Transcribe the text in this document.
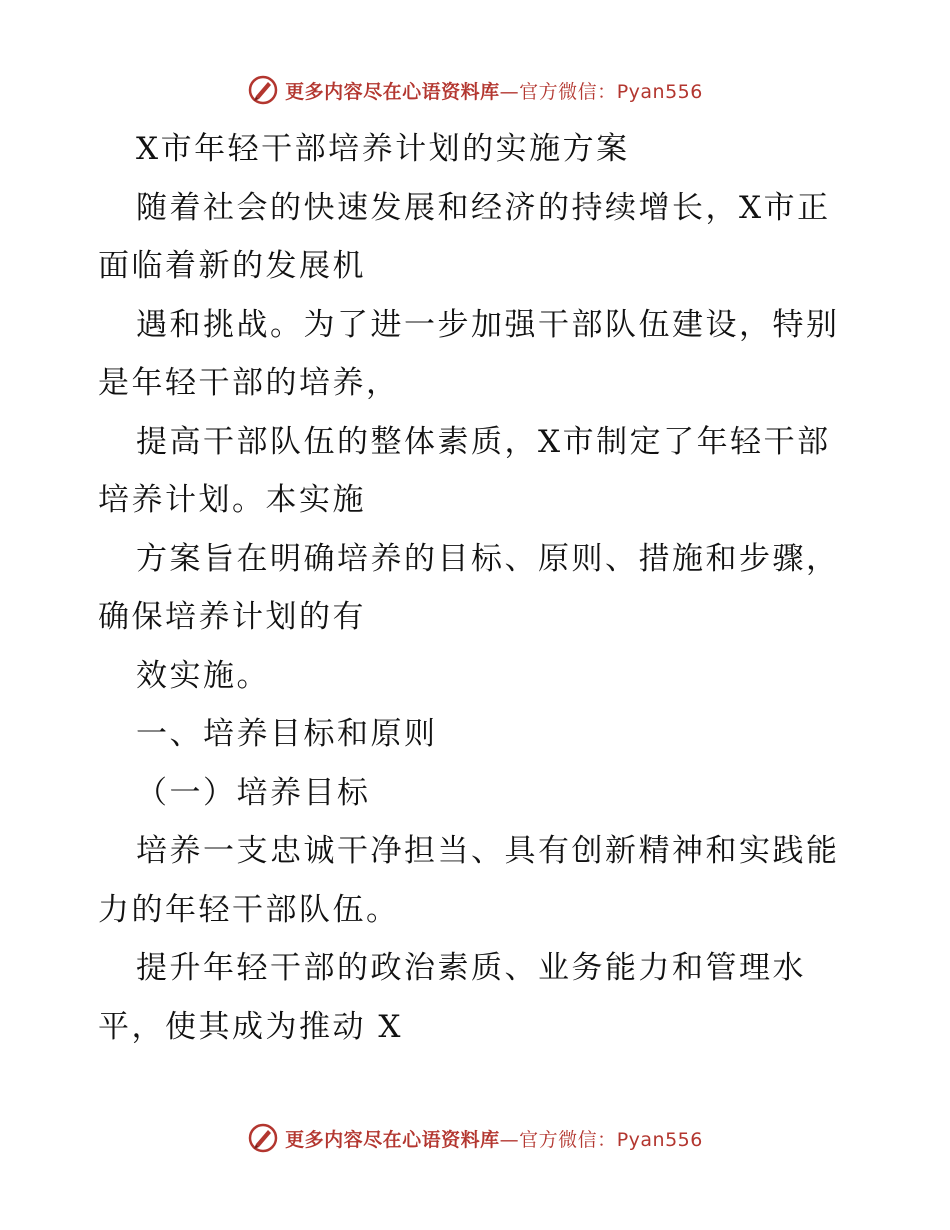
更多内容尽在心语资料库—官方微信：Pyan556
X市年轻干部培养计划的实施方案
随着社会的快速发展和经济的持续增长，X市正
面临着新的发展机
遇和挑战。为了进一步加强干部队伍建设，特别
是年轻干部的培养，
提高干部队伍的整体素质，X市制定了年轻干部
培养计划。本实施
方案旨在明确培养的目标、原则、措施和步骤，
确保培养计划的有
效实施。
一、培养目标和原则
（一）培养目标
培养一支忠诚干净担当、具有创新精神和实践能
力的年轻干部队伍。
提升年轻干部的政治素质、业务能力和管理水
平，使其成为推动 X
更多内容尽在心语资料库—官方微信：Pyan556
